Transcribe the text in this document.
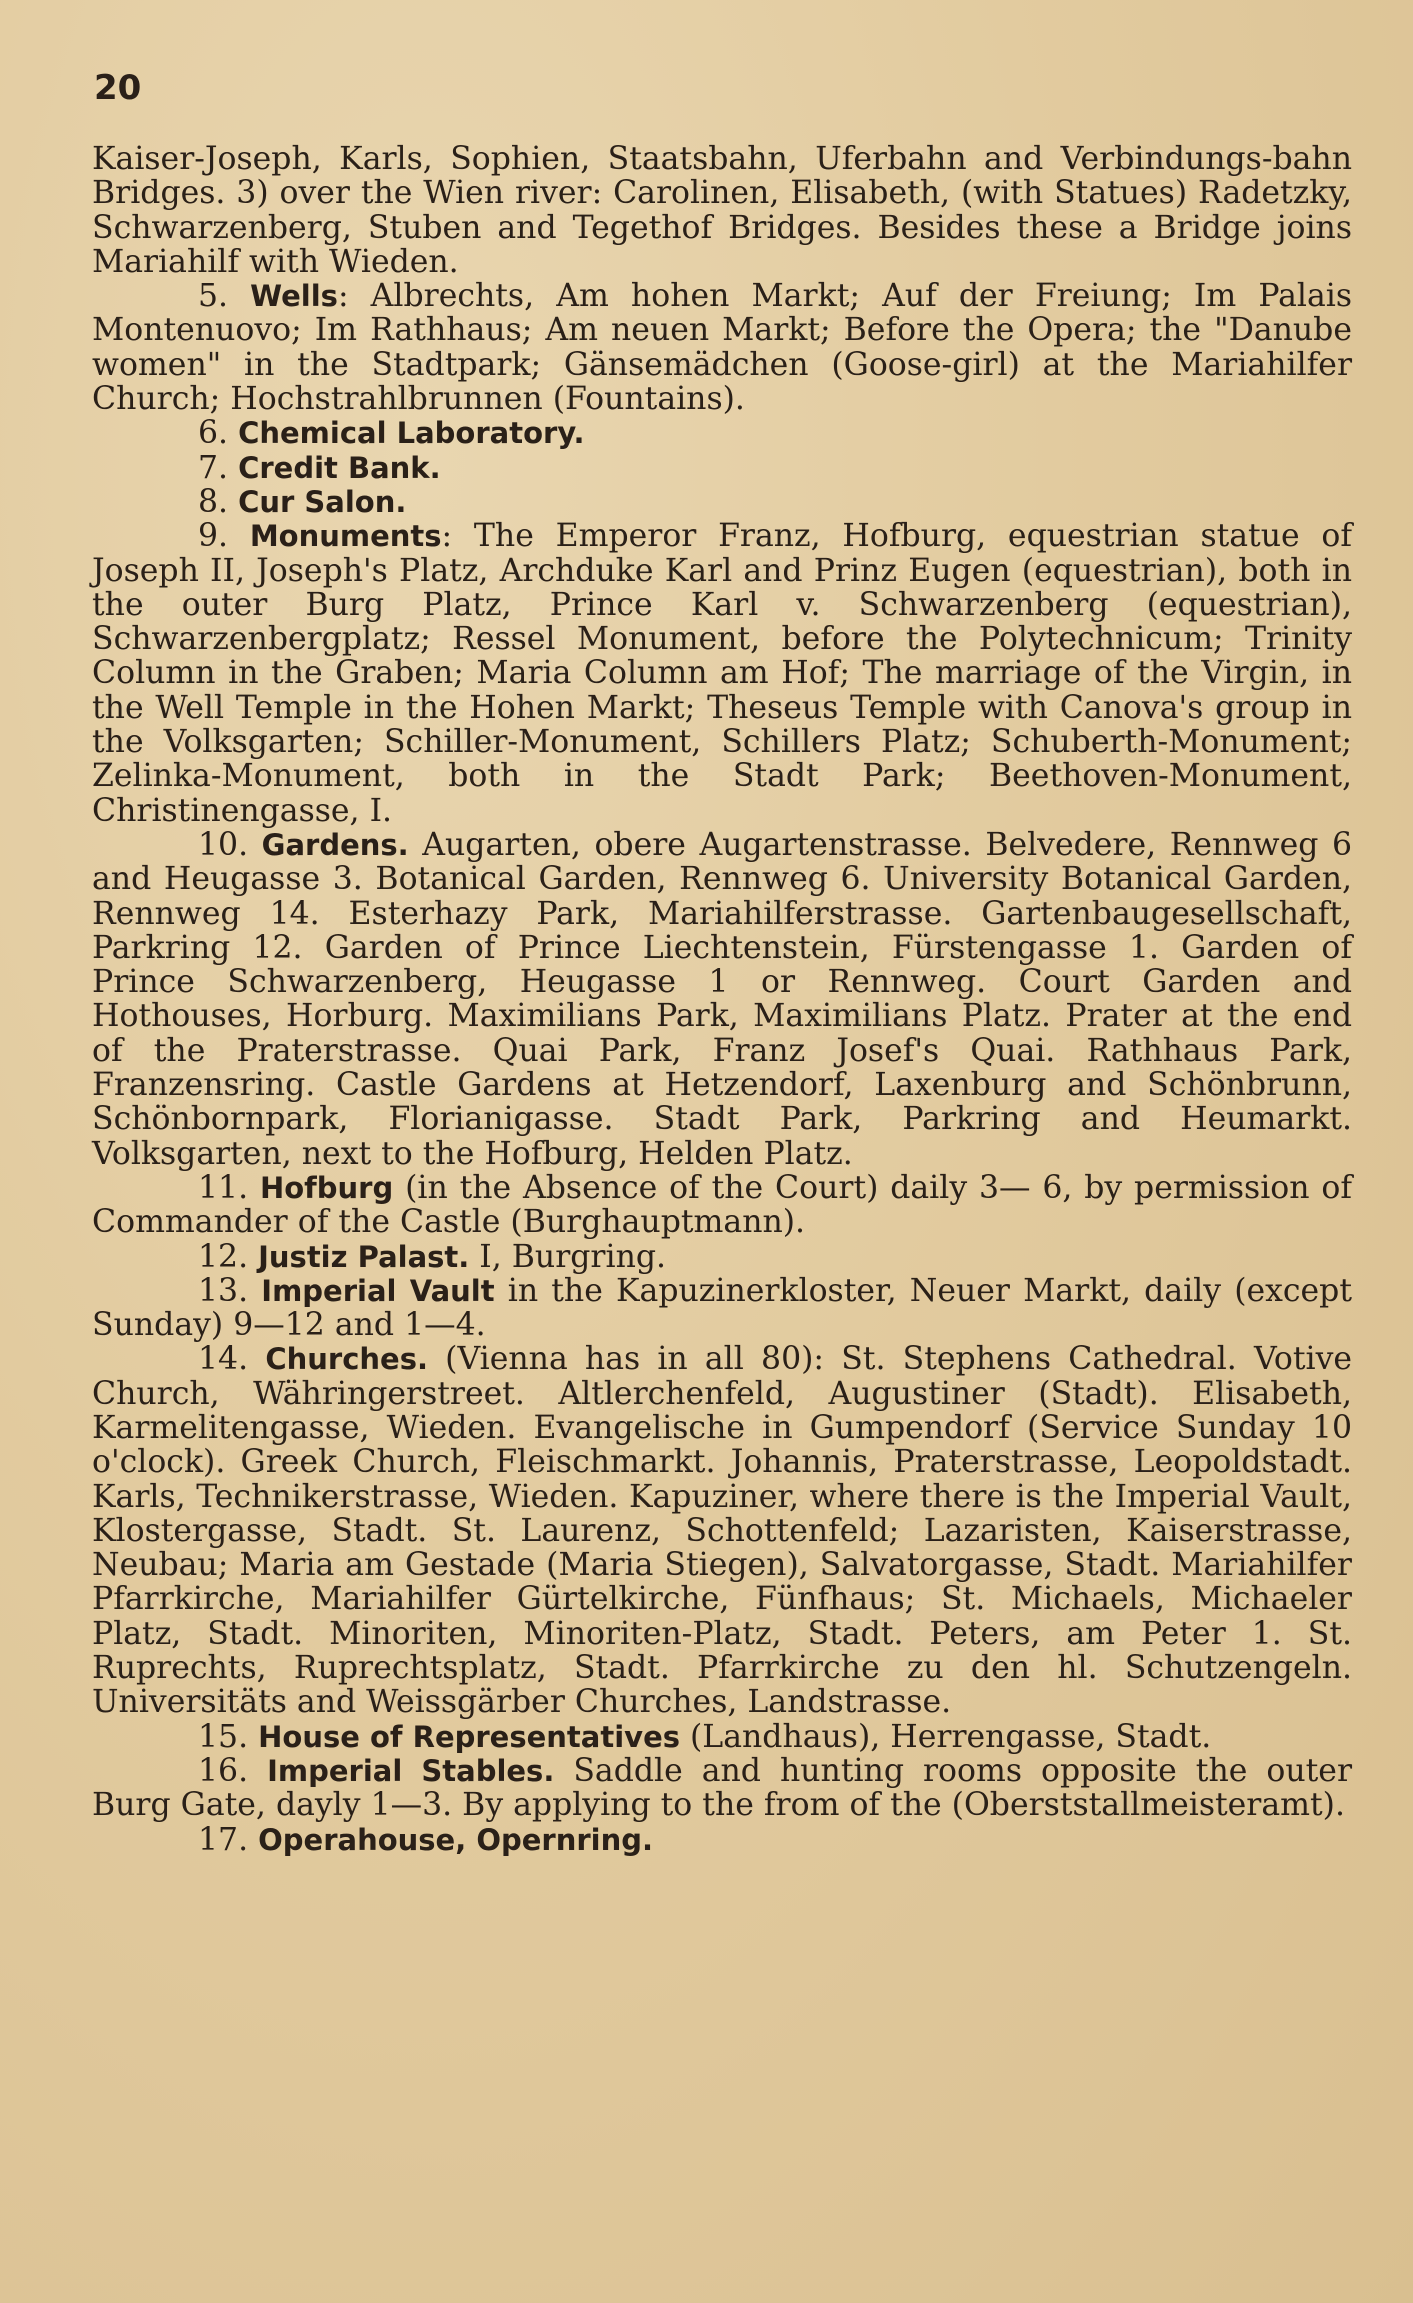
20

Kaiser-Joseph, Karls, Sophien, Staatsbahn, Uferbahn and Verbindungs-bahn Bridges. 3) over the Wien river: Carolinen, Elisabeth, (with Statues) Radetzky, Schwarzenberg, Stuben and Tegethof Bridges. Besides these a Bridge joins Mariahilf with Wieden.

5. Wells: Albrechts, Am hohen Markt; Auf der Freiung; Im Palais Montenuovo; Im Rathhaus; Am neuen Markt; Before the Opera; the "Danube women" in the Stadtpark; Gänsemädchen (Goose-girl) at the Mariahilfer Church; Hochstrahlbrunnen (Fountains).

6. Chemical Laboratory.

7. Credit Bank.

8. Cur Salon.

9. Monuments: The Emperor Franz, Hofburg, equestrian statue of Joseph II, Joseph's Platz, Archduke Karl and Prinz Eugen (equestrian), both in the outer Burg Platz, Prince Karl v. Schwarzenberg (equestrian), Schwarzenbergplatz; Ressel Monument, before the Polytechnicum; Trinity Column in the Graben; Maria Column am Hof; The marriage of the Virgin, in the Well Temple in the Hohen Markt; Theseus Temple with Canova's group in the Volksgarten; Schiller-Monument, Schillers Platz; Schuberth-Monument; Zelinka-Monument, both in the Stadt Park; Beethoven-Monument, Christinengasse, I.

10. Gardens. Augarten, obere Augartenstrasse. Belvedere, Rennweg 6 and Heugasse 3. Botanical Garden, Rennweg 6. University Botanical Garden, Rennweg 14. Esterhazy Park, Mariahilferstrasse. Gartenbaugesellschaft, Parkring 12. Garden of Prince Liechtenstein, Fürstengasse 1. Garden of Prince Schwarzenberg, Heugasse 1 or Rennweg. Court Garden and Hothouses, Horburg. Maximilians Park, Maximilians Platz. Prater at the end of the Praterstrasse. Quai Park, Franz Josef's Quai. Rathhaus Park, Franzensring. Castle Gardens at Hetzendorf, Laxenburg and Schönbrunn, Schönbornpark, Florianigasse. Stadt Park, Parkring and Heumarkt. Volksgarten, next to the Hofburg, Helden Platz.

11. Hofburg (in the Absence of the Court) daily 3— 6, by permission of Commander of the Castle (Burghauptmann).

12. Justiz Palast. I, Burgring.

13. Imperial Vault in the Kapuzinerkloster, Neuer Markt, daily (except Sunday) 9—12 and 1—4.

14. Churches. (Vienna has in all 80): St. Stephens Cathedral. Votive Church, Währingerstreet. Altlerchenfeld, Augustiner (Stadt). Elisabeth, Karmelitengasse, Wieden. Evangelische in Gumpendorf (Service Sunday 10 o'clock). Greek Church, Fleischmarkt. Johannis, Praterstrasse, Leopoldstadt. Karls, Technikerstrasse, Wieden. Kapuziner, where there is the Imperial Vault, Klostergasse, Stadt. St. Laurenz, Schottenfeld; Lazaristen, Kaiserstrasse, Neubau; Maria am Gestade (Maria Stiegen), Salvatorgasse, Stadt. Mariahilfer Pfarrkirche, Mariahilfer Gürtelkirche, Fünfhaus; St. Michaels, Michaeler Platz, Stadt. Minoriten, Minoriten-Platz, Stadt. Peters, am Peter 1. St. Ruprechts, Ruprechtsplatz, Stadt. Pfarrkirche zu den hl. Schutzengeln. Universitäts and Weissgärber Churches, Landstrasse.

15. House of Representatives (Landhaus), Herrengasse, Stadt.

16. Imperial Stables. Saddle and hunting rooms opposite the outer Burg Gate, dayly 1—3. By applying to the from of the (Oberststallmeisteramt).

17. Operahouse, Opernring.
